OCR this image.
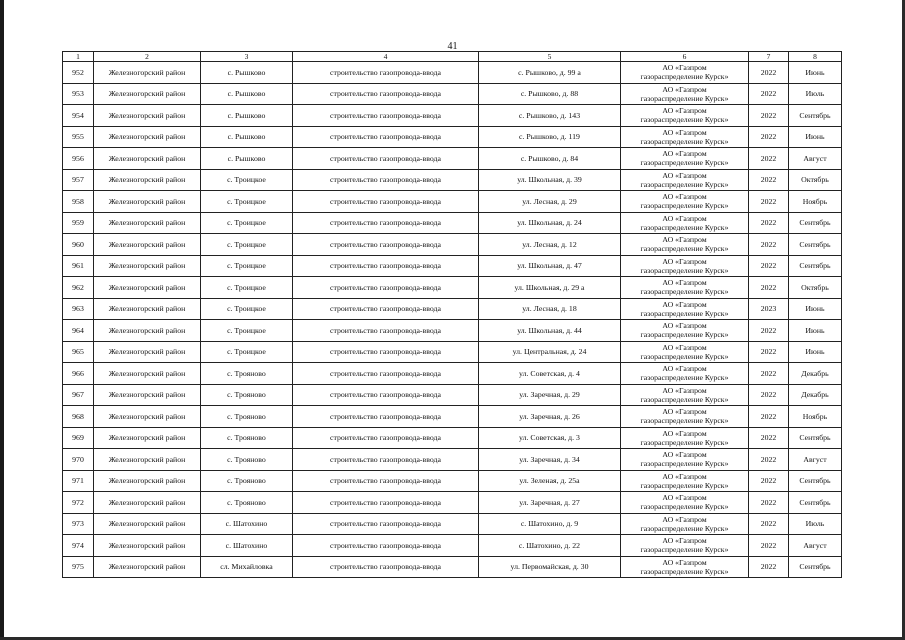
41
1	2	3	4	5	6	7	8
952	Железногорский район	с. Рышково	строительство газопровода-ввода	с. Рышково, д. 99 а	АО «Газпром
газораспределение Курск»	2022	Июнь
953	Железногорский район	с. Рышково	строительство газопровода-ввода	с. Рышково, д. 88	АО «Газпром
газораспределение Курск»	2022	Июль
954	Железногорский район	с. Рышково	строительство газопровода-ввода	с. Рышково, д. 143	АО «Газпром
газораспределение Курск»	2022	Сентябрь
955	Железногорский район	с. Рышково	строительство газопровода-ввода	с. Рышково, д. 119	АО «Газпром
газораспределение Курск»	2022	Июнь
956	Железногорский район	с. Рышково	строительство газопровода-ввода	с. Рышково, д. 84	АО «Газпром
газораспределение Курск»	2022	Август
957	Железногорский район	с. Троицкое	строительство газопровода-ввода	ул. Школьная, д. 39	АО «Газпром
газораспределение Курск»	2022	Октябрь
958	Железногорский район	с. Троицкое	строительство газопровода-ввода	ул. Лесная, д. 29	АО «Газпром
газораспределение Курск»	2022	Ноябрь
959	Железногорский район	с. Троицкое	строительство газопровода-ввода	ул. Школьная, д. 24	АО «Газпром
газораспределение Курск»	2022	Сентябрь
960	Железногорский район	с. Троицкое	строительство газопровода-ввода	ул. Лесная, д. 12	АО «Газпром
газораспределение Курск»	2022	Сентябрь
961	Железногорский район	с. Троицкое	строительство газопровода-ввода	ул. Школьная, д. 47	АО «Газпром
газораспределение Курск»	2022	Сентябрь
962	Железногорский район	с. Троицкое	строительство газопровода-ввода	ул. Школьная, д. 29 а	АО «Газпром
газораспределение Курск»	2022	Октябрь
963	Железногорский район	с. Троицкое	строительство газопровода-ввода	ул. Лесная, д. 18	АО «Газпром
газораспределение Курск»	2023	Июнь
964	Железногорский район	с. Троицкое	строительство газопровода-ввода	ул. Школьная, д. 44	АО «Газпром
газораспределение Курск»	2022	Июнь
965	Железногорский район	с. Троицкое	строительство газопровода-ввода	ул. Центральная, д. 24	АО «Газпром
газораспределение Курск»	2022	Июнь
966	Железногорский район	с. Трояново	строительство газопровода-ввода	ул. Советская, д. 4	АО «Газпром
газораспределение Курск»	2022	Декабрь
967	Железногорский район	с. Трояново	строительство газопровода-ввода	ул. Заречная, д. 29	АО «Газпром
газораспределение Курск»	2022	Декабрь
968	Железногорский район	с. Трояново	строительство газопровода-ввода	ул. Заречная, д. 26	АО «Газпром
газораспределение Курск»	2022	Ноябрь
969	Железногорский район	с. Трояново	строительство газопровода-ввода	ул. Советская, д. 3	АО «Газпром
газораспределение Курск»	2022	Сентябрь
970	Железногорский район	с. Трояново	строительство газопровода-ввода	ул. Заречная, д. 34	АО «Газпром
газораспределение Курск»	2022	Август
971	Железногорский район	с. Трояново	строительство газопровода-ввода	ул. Зеленая, д. 25а	АО «Газпром
газораспределение Курск»	2022	Сентябрь
972	Железногорский район	с. Трояново	строительство газопровода-ввода	ул. Заречная, д. 27	АО «Газпром
газораспределение Курск»	2022	Сентябрь
973	Железногорский район	с. Шатохино	строительство газопровода-ввода	с. Шатохино, д. 9	АО «Газпром
газораспределение Курск»	2022	Июль
974	Железногорский район	с. Шатохино	строительство газопровода-ввода	с. Шатохино, д. 22	АО «Газпром
газораспределение Курск»	2022	Август
975	Железногорский район	сл. Михайловка	строительство газопровода-ввода	ул. Первомайская, д. 30	АО «Газпром
газораспределение Курск»	2022	Сентябрь
